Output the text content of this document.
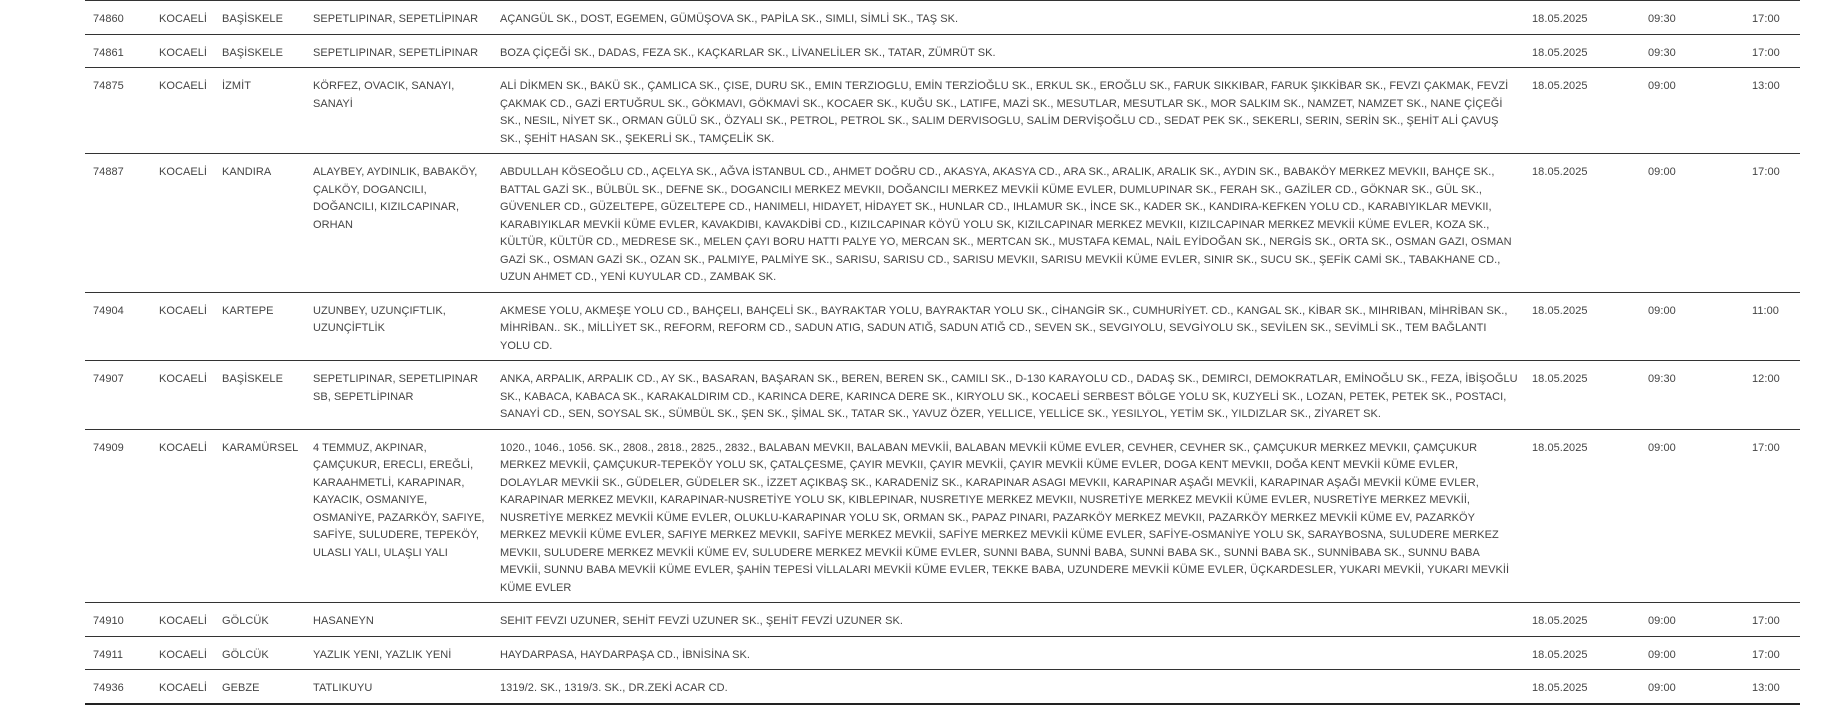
74860	KOCAELİ	BAŞİSKELE	SEPETLIPINAR, SEPETLİPINAR	AÇANGÜL SK., DOST, EGEMEN, GÜMÜŞOVA SK., PAPİLA SK., SIMLI, SİMLİ SK., TAŞ SK.	18.05.2025	09:30	17:00
74861	KOCAELİ	BAŞİSKELE	SEPETLIPINAR, SEPETLİPINAR	BOZA ÇİÇEĞİ SK., DADAS, FEZA SK., KAÇKARLAR SK., LİVANELİLER SK., TATAR, ZÜMRÜT SK.	18.05.2025	09:30	17:00
74875	KOCAELİ	İZMİT	KÖRFEZ, OVACIK, SANAYI, SANAYİ	ALİ DİKMEN SK., BAKÜ SK., ÇAMLICA SK., ÇISE, DURU SK., EMIN TERZIOGLU, EMİN TERZİOĞLU SK., ERKUL SK., EROĞLU SK., FARUK SIKKIBAR, FARUK ŞIKKİBAR SK., FEVZI ÇAKMAK, FEVZİ ÇAKMAK CD., GAZİ ERTUĞRUL SK., GÖKMAVI, GÖKMAVİ SK., KOCAER SK., KUĞU SK., LATIFE, MAZİ SK., MESUTLAR, MESUTLAR SK., MOR SALKIM SK., NAMZET, NAMZET SK., NANE ÇİÇEĞİ SK., NESIL, NİYET SK., ORMAN GÜLÜ SK., ÖZYALI SK., PETROL, PETROL SK., SALIM DERVISOGLU, SALİM DERVİŞOĞLU CD., SEDAT PEK SK., SEKERLI, SERIN, SERİN SK., ŞEHİT ALİ ÇAVUŞ SK., ŞEHİT HASAN SK., ŞEKERLİ SK., TAMÇELİK SK.	18.05.2025	09:00	13:00
74887	KOCAELİ	KANDIRA	ALAYBEY, AYDINLIK, BABAKÖY, ÇALKÖY, DOGANCILI, DOĞANCILI, KIZILCAPINAR, ORHAN	ABDULLAH KÖSEOĞLU CD., AÇELYA SK., AĞVA İSTANBUL CD., AHMET DOĞRU CD., AKASYA, AKASYA CD., ARA SK., ARALIK, ARALIK SK., AYDIN SK., BABAKÖY MERKEZ MEVKII, BAHÇE SK., BATTAL GAZİ SK., BÜLBÜL SK., DEFNE SK., DOGANCILI MERKEZ MEVKII, DOĞANCILI MERKEZ MEVKİİ KÜME EVLER, DUMLUPINAR SK., FERAH SK., GAZİLER CD., GÖKNAR SK., GÜL SK., GÜVENLER CD., GÜZELTEPE, GÜZELTEPE CD., HANIMELI, HIDAYET, HİDAYET SK., HUNLAR CD., IHLAMUR SK., İNCE SK., KADER SK., KANDIRA-KEFKEN YOLU CD., KARABIYIKLAR MEVKII, KARABIYIKLAR MEVKİİ KÜME EVLER, KAVAKDIBI, KAVAKDİBİ CD., KIZILCAPINAR KÖYÜ YOLU SK, KIZILCAPINAR MERKEZ MEVKII, KIZILCAPINAR MERKEZ MEVKİİ KÜME EVLER, KOZA SK., KÜLTÜR, KÜLTÜR CD., MEDRESE SK., MELEN ÇAYI BORU HATTI PALYE YO, MERCAN SK., MERTCAN SK., MUSTAFA KEMAL, NAİL EYİDOĞAN SK., NERGİS SK., ORTA SK., OSMAN GAZI, OSMAN GAZİ SK., OSMAN GAZİ SK., OZAN SK., PALMIYE, PALMİYE SK., SARISU, SARISU CD., SARISU MEVKII, SARISU MEVKİİ KÜME EVLER, SINIR SK., SUCU SK., ŞEFİK CAMİ SK., TABAKHANE CD., UZUN AHMET CD., YENİ KUYULAR CD., ZAMBAK SK.	18.05.2025	09:00	17:00
74904	KOCAELİ	KARTEPE	UZUNBEY, UZUNÇIFTLIK, UZUNÇİFTLİK	AKMESE YOLU, AKMEŞE YOLU CD., BAHÇELI, BAHÇELİ SK., BAYRAKTAR YOLU, BAYRAKTAR YOLU SK., CİHANGİR SK., CUMHURİYET. CD., KANGAL SK., KİBAR SK., MIHRIBAN, MİHRİBAN SK., MİHRİBAN.. SK., MİLLİYET SK., REFORM, REFORM CD., SADUN ATIG, SADUN ATIĞ, SADUN ATIĞ CD., SEVEN SK., SEVGIYOLU, SEVGİYOLU SK., SEVİLEN SK., SEVİMLİ SK., TEM BAĞLANTI YOLU CD.	18.05.2025	09:00	11:00
74907	KOCAELİ	BAŞİSKELE	SEPETLIPINAR, SEPETLIPINAR SB, SEPETLİPINAR	ANKA, ARPALIK, ARPALIK CD., AY SK., BASARAN, BAŞARAN SK., BEREN, BEREN SK., CAMILI SK., D-130 KARAYOLU CD., DADAŞ SK., DEMIRCI, DEMOKRATLAR, EMİNOĞLU SK., FEZA, İBİŞOĞLU SK., KABACA, KABACA SK., KARAKALDIRIM CD., KARINCA DERE, KARINCA DERE SK., KIRYOLU SK., KOCAELİ SERBEST BÖLGE YOLU SK, KUZYELİ SK., LOZAN, PETEK, PETEK SK., POSTACI, SANAYİ CD., SEN, SOYSAL SK., SÜMBÜL SK., ŞEN SK., ŞİMAL SK., TATAR SK., YAVUZ ÖZER, YELLICE, YELLİCE SK., YESILYOL, YETİM SK., YILDIZLAR SK., ZİYARET SK.	18.05.2025	09:30	12:00
74909	KOCAELİ	KARAMÜRSEL	4 TEMMUZ, AKPINAR, ÇAMÇUKUR, ERECLI, EREĞLİ, KARAAHMETLİ, KARAPINAR, KAYACIK, OSMANIYE, OSMANİYE, PAZARKÖY, SAFIYE, SAFİYE, SULUDERE, TEPEKÖY, ULASLI YALI, ULAŞLI YALI	1020., 1046., 1056. SK., 2808., 2818., 2825., 2832., BALABAN MEVKII, BALABAN MEVKİİ, BALABAN MEVKİİ KÜME EVLER, CEVHER, CEVHER SK., ÇAMÇUKUR MERKEZ MEVKII, ÇAMÇUKUR MERKEZ MEVKİİ, ÇAMÇUKUR-TEPEKÖY YOLU SK, ÇATALÇESME, ÇAYIR MEVKII, ÇAYIR MEVKİİ, ÇAYIR MEVKİİ KÜME EVLER, DOGA KENT MEVKII, DOĞA KENT MEVKİİ KÜME EVLER, DOLAYLAR MEVKİİ SK., GÜDELER, GÜDELER SK., İZZET AÇIKBAŞ SK., KARADENİZ SK., KARAPINAR ASAGI MEVKII, KARAPINAR AŞAĞI MEVKİİ, KARAPINAR AŞAĞI MEVKİİ KÜME EVLER, KARAPINAR MERKEZ MEVKII, KARAPINAR-NUSRETİYE YOLU SK, KIBLEPINAR, NUSRETIYE MERKEZ MEVKII, NUSRETİYE MERKEZ MEVKİİ KÜME EVLER, NUSRETİYE MERKEZ MEVKİİ, NUSRETİYE MERKEZ MEVKİİ KÜME EVLER, OLUKLU-KARAPINAR YOLU SK, ORMAN SK., PAPAZ PINARI, PAZARKÖY MERKEZ MEVKII, PAZARKÖY MERKEZ MEVKİİ KÜME EV, PAZARKÖY MERKEZ MEVKİİ KÜME EVLER, SAFIYE MERKEZ MEVKII, SAFİYE MERKEZ MEVKİİ, SAFİYE MERKEZ MEVKİİ KÜME EVLER, SAFİYE-OSMANİYE YOLU SK, SARAYBOSNA, SULUDERE MERKEZ MEVKII, SULUDERE MERKEZ MEVKİİ KÜME EV, SULUDERE MERKEZ MEVKİİ KÜME EVLER, SUNNI BABA, SUNNİ BABA, SUNNİ BABA SK., SUNNİ BABA SK., SUNNİBABA SK., SUNNU BABA MEVKİİ, SUNNU BABA MEVKİİ KÜME EVLER, ŞAHİN TEPESİ VİLLALARI MEVKİİ KÜME EVLER, TEKKE BABA, UZUNDERE MEVKİİ KÜME EVLER, ÜÇKARDESLER, YUKARI MEVKİİ, YUKARI MEVKİİ KÜME EVLER	18.05.2025	09:00	17:00
74910	KOCAELİ	GÖLCÜK	HASANEYN	SEHIT FEVZI UZUNER, SEHİT FEVZİ UZUNER SK., ŞEHİT FEVZİ UZUNER SK.	18.05.2025	09:00	17:00
74911	KOCAELİ	GÖLCÜK	YAZLIK YENI, YAZLIK YENİ	HAYDARPASA, HAYDARPAŞA CD., İBNİSİNA SK.	18.05.2025	09:00	17:00
74936	KOCAELİ	GEBZE	TATLIKUYU	1319/2. SK., 1319/3. SK., DR.ZEKİ ACAR CD.	18.05.2025	09:00	13:00
